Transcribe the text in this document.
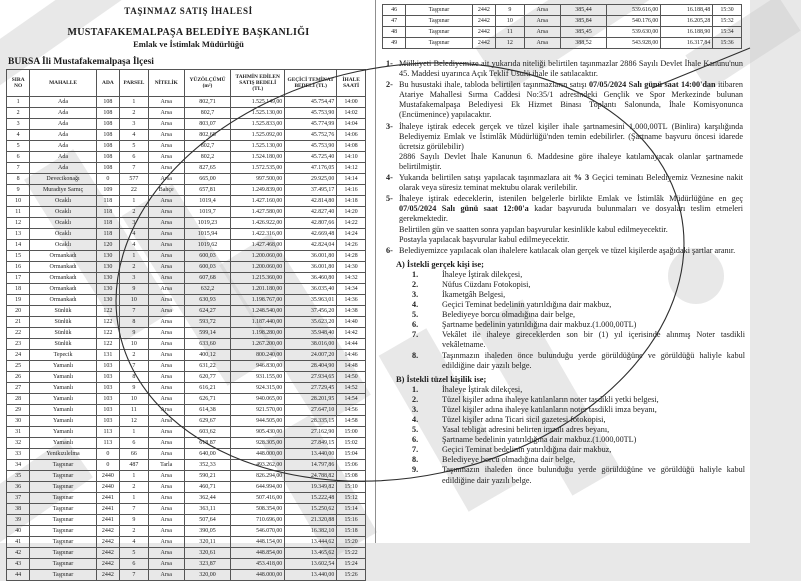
TAŞINMAZ SATIŞ İHALESİ
MUSTAFAKEMALPAŞA BELEDİYE BAŞKANLIĞI
Emlak ve İstimlak Müdürlüğü
BURSA İli Mustafakemalpaşa İlçesi
SIRA NO	MAHALLE	ADA	PARSEL	NİTELİK	YÜZÖLÇÜMÜ (m²)	TAHMİN EDİLEN SATIŞ BEDELİ (TL)	GEÇİCİ TEMİNAT BEDELİ (TL)	İHALE SAATİ
1	Ada	108	1	Arsa	802,71	1.525.149,00	45.754,47	14:00
2	Ada	108	2	Arsa	802,7	1.525.130,00	45.753,90	14:02
3	Ada	108	3	Arsa	803,07	1.525.833,00	45.774,99	14:04
4	Ada	108	4	Arsa	802,68	1.525.092,00	45.752,76	14:06
5	Ada	108	5	Arsa	802,7	1.525.130,00	45.753,90	14:08
6	Ada	108	6	Arsa	802,2	1.524.180,00	45.725,40	14:10
7	Ada	108	7	Arsa	827,65	1.572.535,00	47.176,05	14:12
8	Devecikonağı	0	577	Arsa	665,00	997.500,00	29.925,00	14:14
9	Muradiye Sarnıç	109	22	Bahçe	657,81	1.249.839,00	37.495,17	14:16
10	Ocaklı	118	1	Arsa	1019,4	1.427.160,00	42.814,80	14:18
11	Ocaklı	118	2	Arsa	1019,7	1.427.580,00	42.827,40	14:20
12	Ocaklı	118	3	Arsa	1019,23	1.426.922,00	42.807,66	14:22
13	Ocaklı	118	4	Arsa	1015,94	1.422.316,00	42.669,48	14:24
14	Ocaklı	120	4	Arsa	1019,62	1.427.468,00	42.824,04	14:26
15	Ormankadı	130	1	Arsa	600,03	1.200.060,00	36.001,80	14:28
16	Ormankadı	130	2	Arsa	600,03	1.200.060,00	36.001,80	14:30
17	Ormankadı	130	3	Arsa	607,68	1.215.360,00	36.460,80	14:32
18	Ormankadı	130	9	Arsa	632,2	1.201.180,00	36.035,40	14:34
19	Ormankadı	130	10	Arsa	630,93	1.198.767,00	35.963,01	14:36
20	Sünlük	122	7	Arsa	624,27	1.248.540,00	37.456,20	14:38
21	Sünlük	122	8	Arsa	593,72	1.187.440,00	35.623,20	14:40
22	Sünlük	122	9	Arsa	599,14	1.198.280,00	35.948,40	14:42
23	Sünlük	122	10	Arsa	633,60	1.267.200,00	38.016,00	14:44
24	Tepecik	131	2	Arsa	400,12	800.240,00	24.007,20	14:46
25	Yamanlı	103	7	Arsa	631,22	946.830,00	28.404,90	14:48
26	Yamanlı	103	8	Arsa	620,77	931.155,00	27.934,65	14:50
27	Yamanlı	103	9	Arsa	616,21	924.315,00	27.729,45	14:52
28	Yamanlı	103	10	Arsa	626,71	940.065,00	28.201,95	14:54
29	Yamanlı	103	11	Arsa	614,38	921.570,00	27.647,10	14:56
30	Yamanlı	103	12	Arsa	629,67	944.505,00	28.335,15	14:58
31	Yamanlı	113	1	Arsa	603,62	905.430,00	27.162,90	15:00
32	Yamanlı	113	6	Arsa	618,87	928.305,00	27.849,15	15:02
33	Yenikızılelma	0	66	Arsa	640,00	448.000,00	13.440,00	15:04
34	Taşpınar	0	487	Tarla	352,33	493.262,00	14.797,86	15:06
35	Taşpınar	2440	1	Arsa	590,21	826.294,00	24.788,82	15:08
36	Taşpınar	2440	2	Arsa	460,71	644.994,00	19.349,82	15:10
37	Taşpınar	2441	1	Arsa	362,44	507.416,00	15.222,48	15:12
38	Taşpınar	2441	7	Arsa	363,11	508.354,00	15.250,62	15:14
39	Taşpınar	2441	9	Arsa	507,64	710.696,00	21.320,88	15:16
40	Taşpınar	2442	2	Arsa	390,05	546.070,00	16.382,10	15:18
41	Taşpınar	2442	4	Arsa	320,11	448.154,00	13.444,62	15:20
42	Taşpınar	2442	5	Arsa	320,61	448.854,00	13.465,62	15:22
43	Taşpınar	2442	6	Arsa	323,87	453.418,00	13.602,54	15:24
44	Taşpınar	2442	7	Arsa	320,00	448.000,00	13.440,00	15:26
46	Taşpınar	2442	9	Arsa	385,44	539.616,00	16.188,48	15:30
47	Taşpınar	2442	10	Arsa	385,84	540.176,00	16.205,28	15:32
48	Taşpınar	2442	11	Arsa	385,45	539.630,00	16.188,90	15:34
49	Taşpınar	2442	12	Arsa	388,52	543.928,00	16.317,84	15:36
1- Mülkiyeti Belediyemize ait yukarıda niteliği belirtilen taşınmazlar 2886 Sayılı Devlet İhale Kanunu'nun 45. Maddesi uyarınca Açık Teklif Usulü ihale ile satılacaktır.
2- Bu husustaki ihale, tabloda belirtilen taşınmazların satışı 07/05/2024 Salı günü saat 14:00'dan itibaren Atariye Mahallesi Sırma Caddesi No:35/1 adresindeki Gençlik ve Spor Merkezinde bulunan Mustafakemalpaşa Belediyesi Ek Hizmet Binası Toplantı Salonunda, İhale Komisyonunca (Encümenince) yapılacaktır.
3- İhaleye iştirak edecek gerçek ve tüzel kişiler ihale şartnamesini 1.000,00TL (Binlira) karşılığında Belediyemiz Emlak ve İstimlâk Müdürlüğü'nden temin edebilirler. (Şartname başvuru öncesi idarede ücretsiz görülebilir)
2886 Sayılı Devlet İhale Kanunun 6. Maddesine göre ihaleye katılamayacak olanlar şartnamede belirtilmiştir.
4- Yukarıda belirtilen satışı yapılacak taşınmazlara ait % 3 Geçici teminatı Belediyemiz Veznesine nakit olarak veya süresiz teminat mektubu olarak verilebilir.
5- İhaleye iştirak edeceklerin, istenilen belgelerle birlikte Emlak ve İstimlâk Müdürlüğüne en geç 07/05/2024 Salı günü saat 12:00'a kadar başvuruda bulunmaları ve dosyaları teslim etmeleri gerekmektedir.
Belirtilen gün ve saatten sonra yapılan başvurular kesinlikle kabul edilmeyecektir.
Postayla yapılacak başvurular kabul edilmeyecektir.
6- Belediyemizce yapılacak olan ihalelere katılacak olan gerçek ve tüzel kişilerde aşağıdaki şartlar aranır.
A) İstekli gerçek kişi ise;
1.	İhaleye İştirak dilekçesi,
2.	Nüfus Cüzdanı Fotokopisi,
3.	İkametgâh Belgesi,
4.	Geçici Teminat bedelinin yatırıldığına dair makbuz,
5.	Belediyeye borcu olmadığına dair belge,
6.	Şartname bedelinin yatırıldığına dair makbuz.(1.000,00TL)
7.	Vekâlet ile ihaleye gireceklerden son bir (1) yıl içerisinde alınmış Noter tasdikli vekâletname.
8.	Taşınmazın ihaleden önce bulunduğu yerde görüldüğüne ve görüldüğü haliyle kabul edildiğine dair yazılı belge.
B) İstekli tüzel kişilik ise;
1.	İhaleye İştirak dilekçesi,
2.	Tüzel kişiler adına ihaleye katılanların noter tasdikli yetki belgesi,
3.	Tüzel kişiler adına ihaleye katılanların noter tasdikli imza beyanı,
4.	Tüzel kişiler adına Ticari sicil gazetesi fotokopisi,
5.	Yasal tebligat adresini belirten imzalı adres beyanı,
6.	Şartname bedelinin yatırıldığına dair makbuz.(1.000,00TL)
7.	Geçici Teminat bedelinin yatırıldığına dair makbuz,
8.	Belediyeye borcu olmadığına dair belge,
9.	Taşınmazın ihaleden önce bulunduğu yerde görüldüğüne ve görüldüğü haliyle kabul edildiğine dair yazılı belge.
